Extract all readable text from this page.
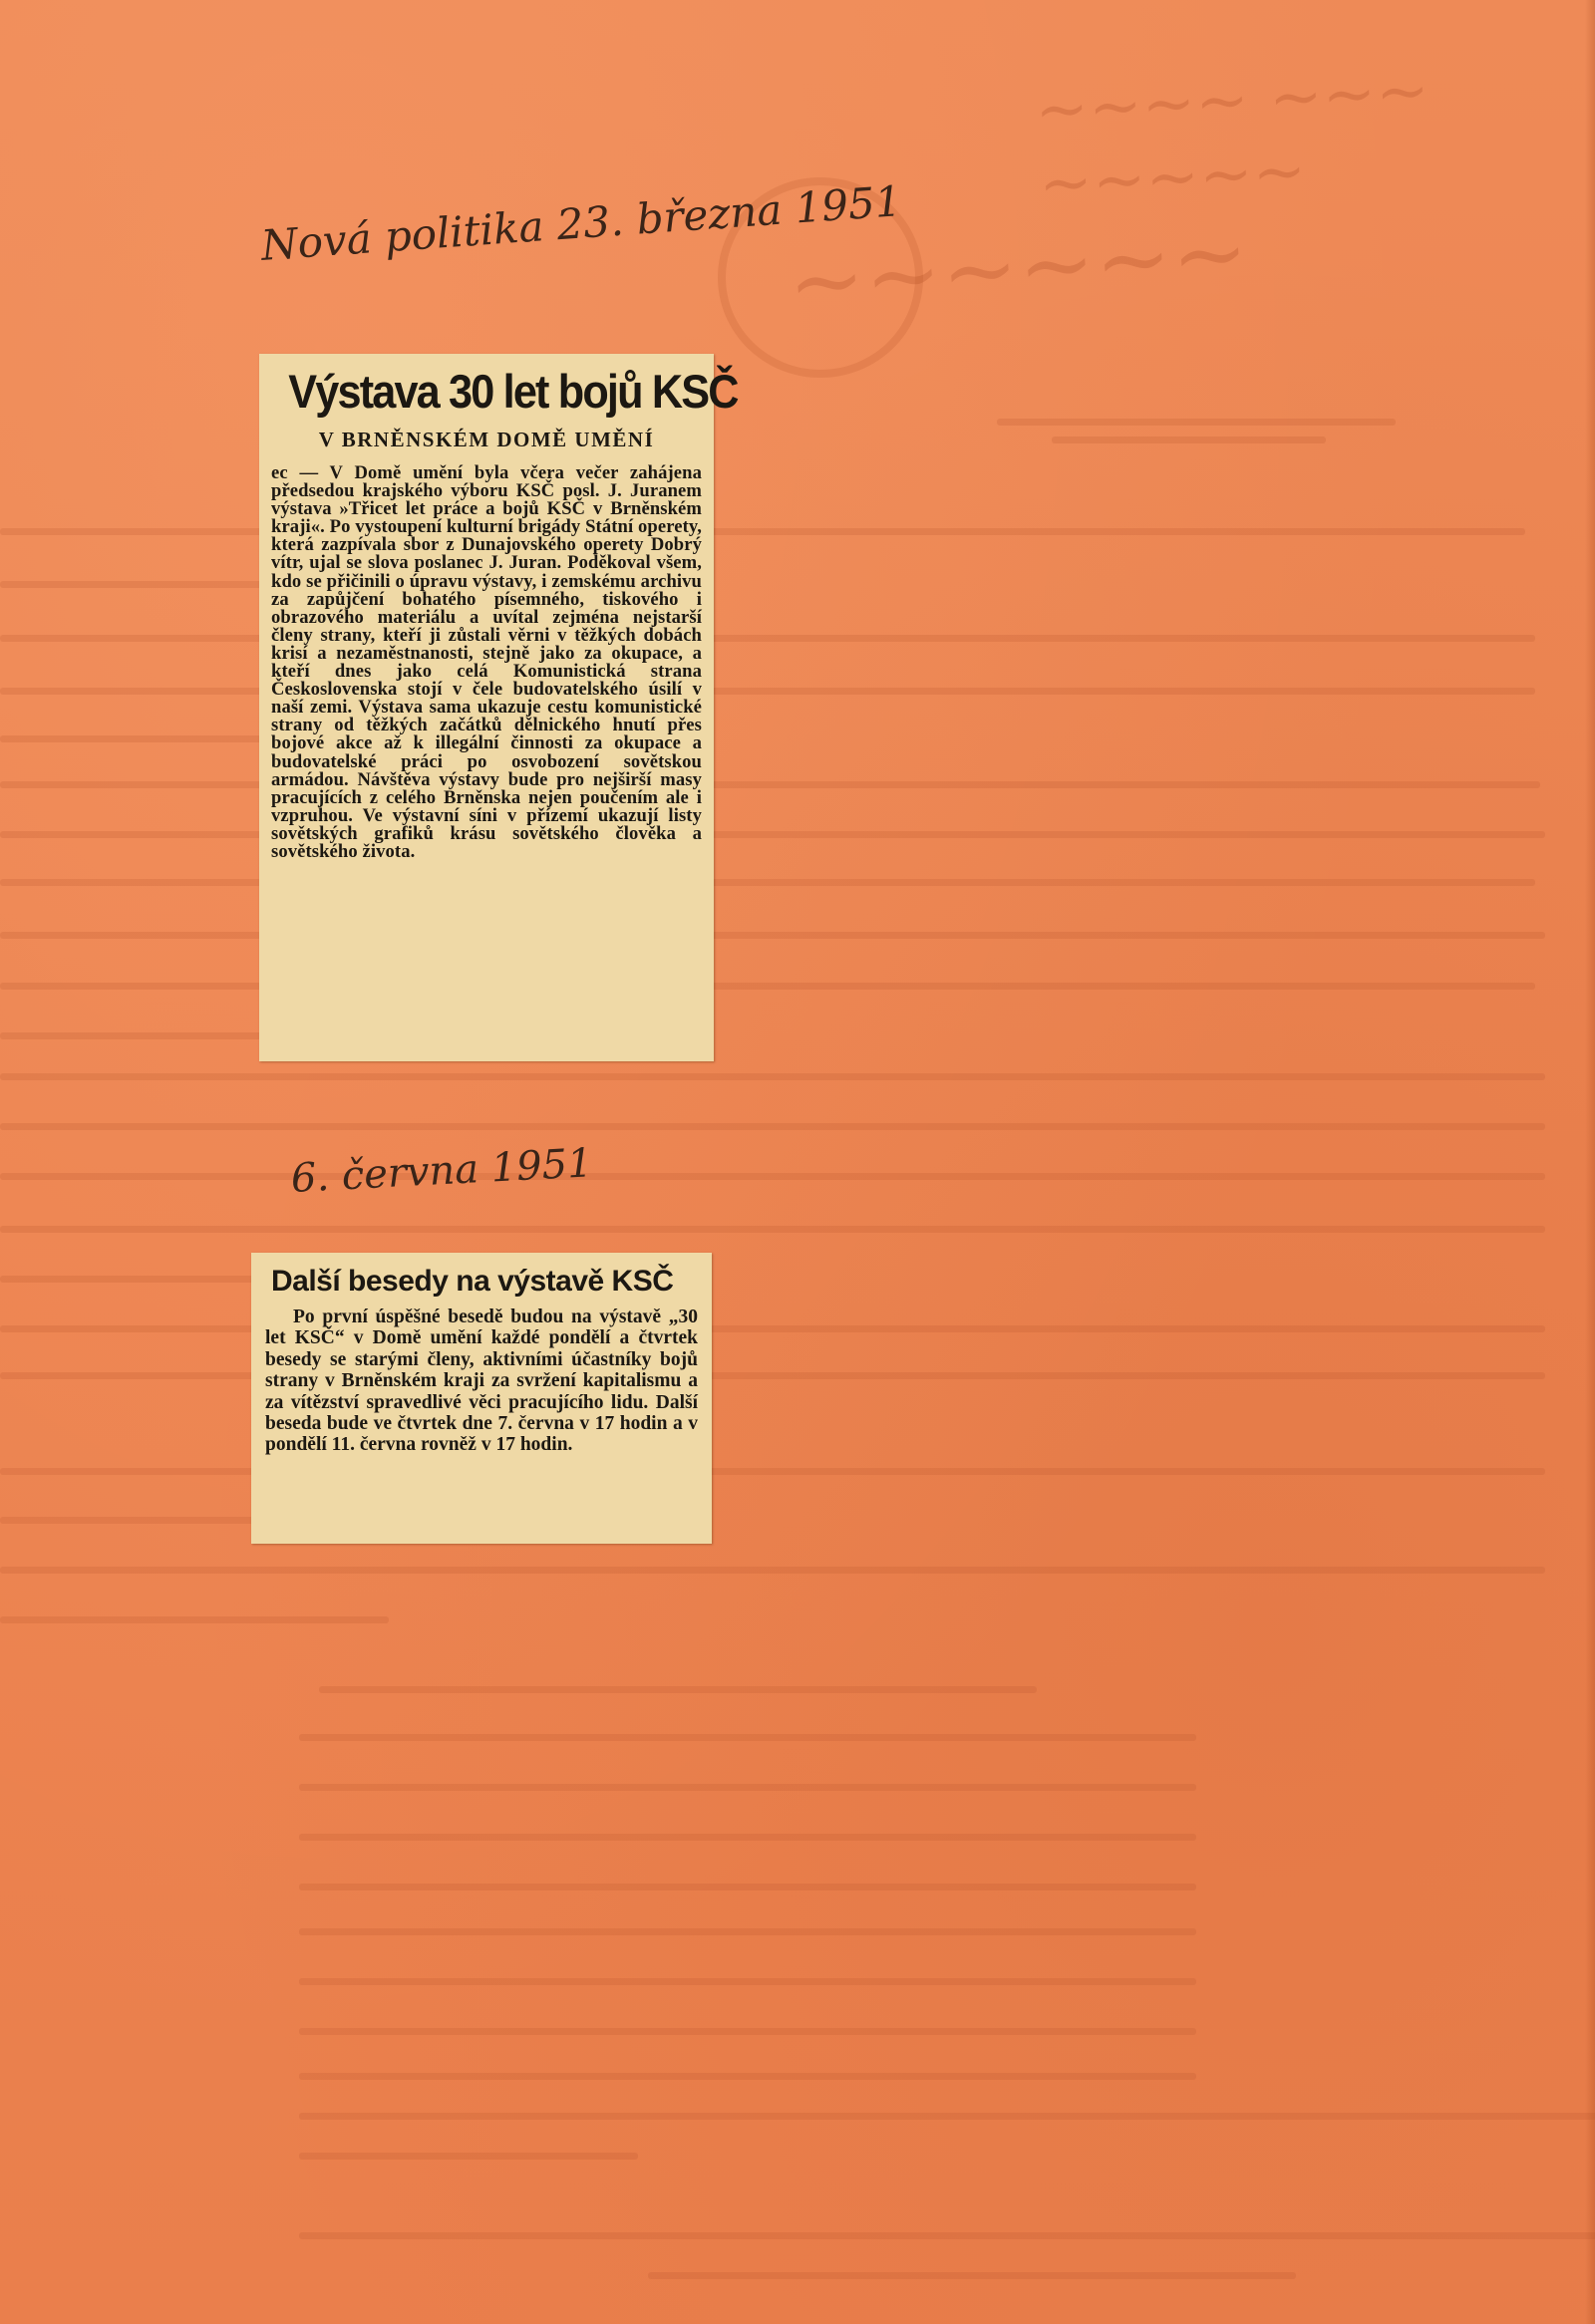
~~~~ ~~~ ~~~~~
~~~~~~
Nová politika 23. března 1951
Výstava 30 let bojů KSČ
V BRNĚNSKÉM DOMĚ UMĚNÍ
ec — V Domě umění byla včera večer zahájena předsedou krajského výboru KSČ posl. J. Juranem výstava »Třicet let práce a bojů KSČ v Brněnském kraji«. Po vystoupení kulturní brigády Státní operety, která zazpívala sbor z Dunajovského operety Dobrý vítr, ujal se slova poslanec J. Juran. Poděkoval všem, kdo se přičinili o úpravu výstavy, i zemskému archivu za zapůjčení bohatého písemného, tiskového i obrazového materiálu a uvítal zejména nejstarší členy strany, kteří ji zůstali věrni v těžkých dobách krisí a nezaměstnanosti, stejně jako za okupace, a kteří dnes jako celá Komunistická strana Československa stojí v čele budovatelského úsilí v naší zemi. Výstava sama ukazuje cestu komunistické strany od těžkých začátků dělnického hnutí přes bojové akce až k illegální činnosti za okupace a budovatelské práci po osvobození sovětskou armádou. Návštěva výstavy bude pro nejširší masy pracujících z celého Brněnska nejen poučením ale i vzpruhou. Ve výstavní síni v přízemí ukazují listy sovětských grafiků krásu sovětského člověka a sovětského života.
6. června 1951
Další besedy na výstavě KSČ
Po první úspěšné besedě budou na výstavě „30 let KSČ“ v Domě umění každé pondělí a čtvrtek besedy se starými členy, aktivními účastníky bojů strany v Brněnském kraji za svržení kapitalismu a za vítězství spravedlivé věci pracujícího lidu. Další beseda bude ve čtvrtek dne 7. června v 17 hodin a v pondělí 11. června rovněž v 17 hodin.
